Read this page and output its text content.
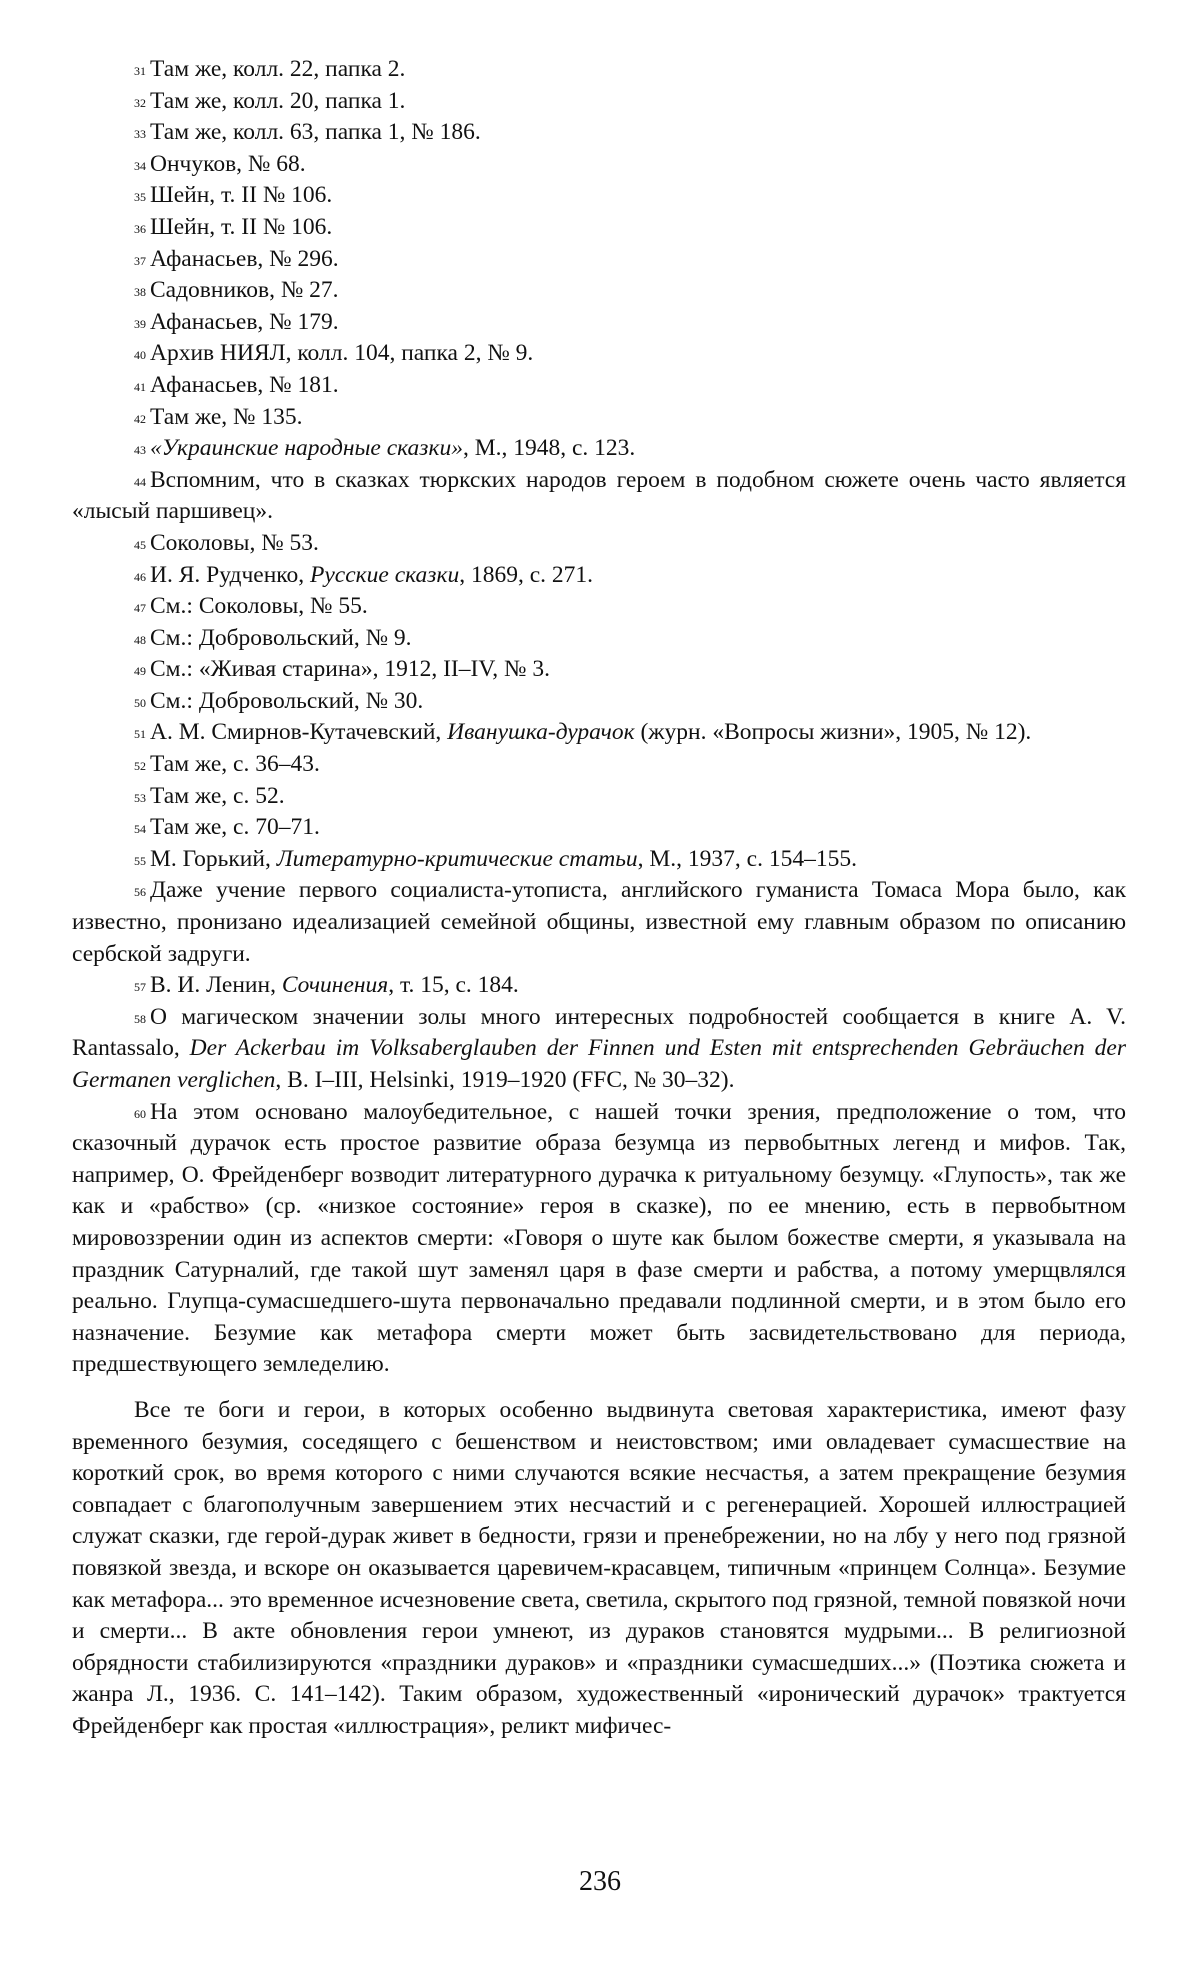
$^{31}$ Там же, колл. 22, папка 2.

$^{32}$ Там же, колл. 20, папка 1.

$^{33}$ Там же, колл. 63, папка 1, № 186.

$^{34}$ Ончуков, № 68.

$^{35}$ Шейн, т. II № 106.

$^{36}$ Шейн, т. II № 106.

$^{37}$ Афанасьев, № 296.

$^{38}$ Садовников, № 27.

$^{39}$ Афанасьев, № 179.

$^{40}$ Архив НИЯЛ, колл. 104, папка 2, № 9.

$^{41}$ Афанасьев, № 181.

$^{42}$ Там же, № 135.

$^{43}$ «Украинские народные сказки», М., 1948, с. 123.

$^{44}$ Вспомним, что в сказках тюркских народов героем в подобном сюжете очень часто является «лысый паршивец».

$^{45}$ Соколовы, № 53.

$^{46}$ И. Я. Рудченко, Русские сказки, 1869, с. 271.

$^{47}$ См.: Соколовы, № 55.

$^{48}$ См.: Добровольский, № 9.

$^{49}$ См.: «Живая старина», 1912, II–IV, № 3.

$^{50}$ См.: Добровольский, № 30.

$^{51}$ А. М. Смирнов-Кутачевский, Иванушка-дурачок (журн. «Вопросы жизни», 1905, № 12).

$^{52}$ Там же, с. 36–43.

$^{53}$ Там же, с. 52.

$^{54}$ Там же, с. 70–71.

$^{55}$ М. Горький, Литературно-критические статьи, М., 1937, с. 154–155.

$^{56}$ Даже учение первого социалиста-утописта, английского гуманиста Томаса Мора было, как известно, пронизано идеализацией семейной общины, известной ему главным образом по описанию сербской задруги.

$^{57}$ В. И. Ленин, Сочинения, т. 15, с. 184.

$^{58}$ О магическом значении золы много интересных подробностей сообщается в книге A. V. Rantassalo, Der Ackerbau im Volksaberglauben der Finnen und Esten mit entsprechenden Gebräuchen der Germanen verglichen, B. I–III, Helsinki, 1919–1920 (FFC, № 30–32).

$^{60}$ На этом основано малоубедительное, с нашей точки зрения, предположение о том, что сказочный дурачок есть простое развитие образа безумца из первобытных легенд и мифов. Так, например, О. Фрейденберг возводит литературного дурачка к ритуальному безумцу. «Глупость», так же как и «рабство» (ср. «низкое состояние» героя в сказке), по ее мнению, есть в первобытном мировоззрении один из аспектов смерти: «Говоря о шуте как былом божестве смерти, я указывала на праздник Сатурналий, где такой шут заменял царя в фазе смерти и рабства, а потому умерщвлялся реально. Глупца-сумасшедшего-шута первоначально предавали подлинной смерти, и в этом было его назначение. Безумие как метафора смерти может быть засвидетельствовано для периода, предшествующего земледелию.

Все те боги и герои, в которых особенно выдвинута световая характеристика, имеют фазу временного безумия, соседящего с бешенством и неистовством; ими овладевает сумасшествие на короткий срок, во время которого с ними случаются всякие несчастья, а затем прекращение безумия совпадает с благополучным завершением этих несчастий и с регенерацией. Хорошей иллюстрацией служат сказки, где герой-дурак живет в бедности, грязи и пренебрежении, но на лбу у него под грязной повязкой звезда, и вскоре он оказывается царевичем-красавцем, типичным «принцем Солнца». Безумие как метафора... это временное исчезновение света, светила, скрытого под грязной, темной повязкой ночи и смерти... В акте обновления герои умнеют, из дураков становятся мудрыми... В религиозной обрядности стабилизируются «праздники дураков» и «праздники сумасшедших...» (Поэтика сюжета и жанра Л., 1936. С. 141–142). Таким образом, художественный «иронический дурачок» трактуется Фрейденберг как простая «иллюстрация», реликт мифичес-

236
